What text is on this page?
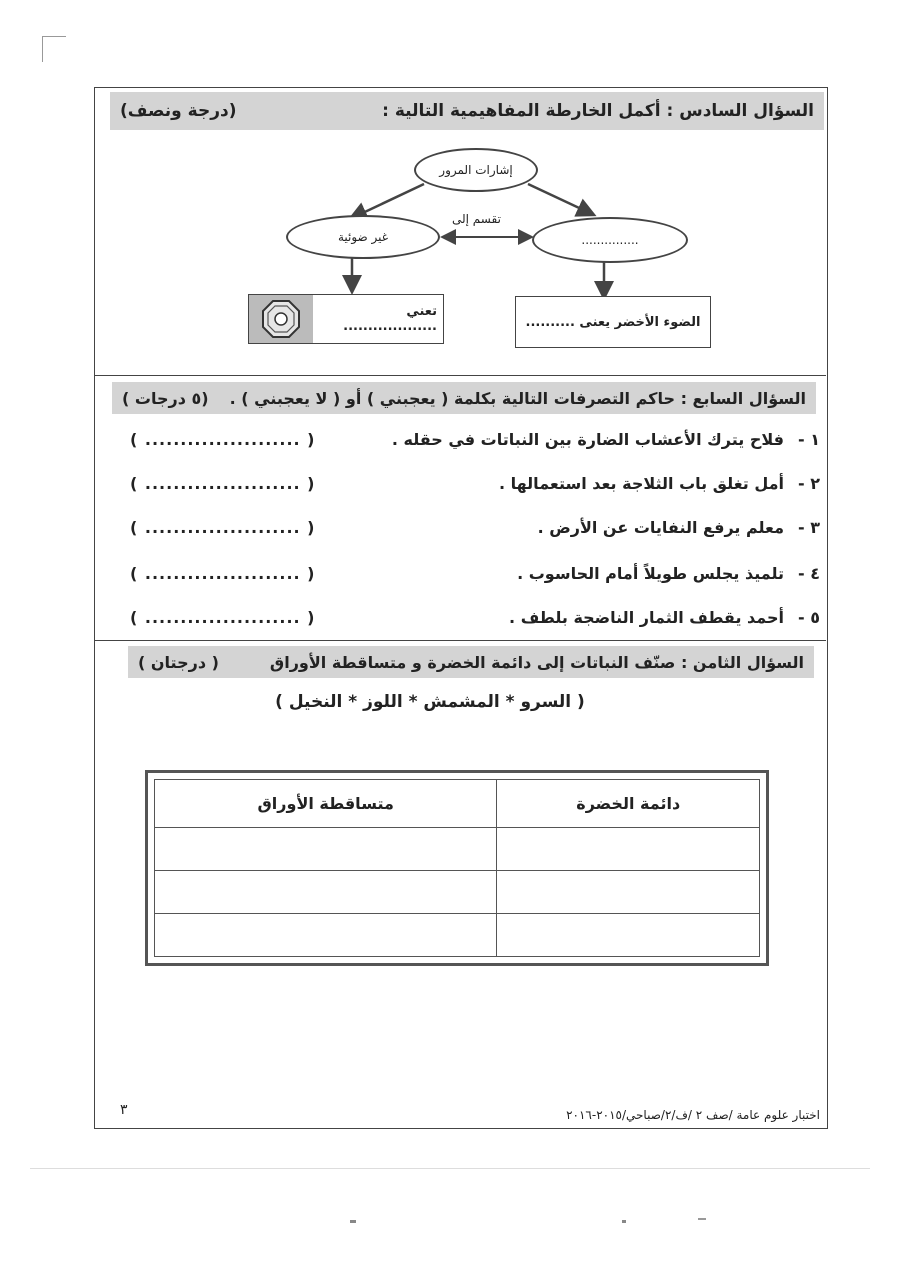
السؤال السادس : أكمل الخارطة المفاهيمية التالية :
(درجة ونصف)
إشارات المرور
تقسم إلى
غير ضوئية	...............
تعني ...................	الضوء الأخضر يعنى ..........
السؤال السابع : حاكم التصرفات التالية بكلمة ( يعجبني ) أو ( لا يعجبني ) .
(٥ درجات )
١ -
فلاح يترك الأعشاب الضارة بين النباتات في حقله .
( ...................... )
٢ -
أمل تغلق باب الثلاجة بعد استعمالها .
( ...................... )
٣ -
معلم يرفع النفايات عن الأرض .
( ...................... )
٤ -
تلميذ يجلس طويلاً أمام الحاسوب .
( ...................... )
٥ -
أحمد يقطف الثمار الناضجة بلطف .
( ...................... )
السؤال الثامن : صنّف النباتات إلى دائمة الخضرة و متساقطة الأوراق
( درجتان )
( السرو * المشمش * اللوز * النخيل )
متساقطة الأوراق	دائمة الخضرة

٣	اختبار علوم عامة /صف ٢ /ف/٢/صباحي/٢٠١٥-٢٠١٦
